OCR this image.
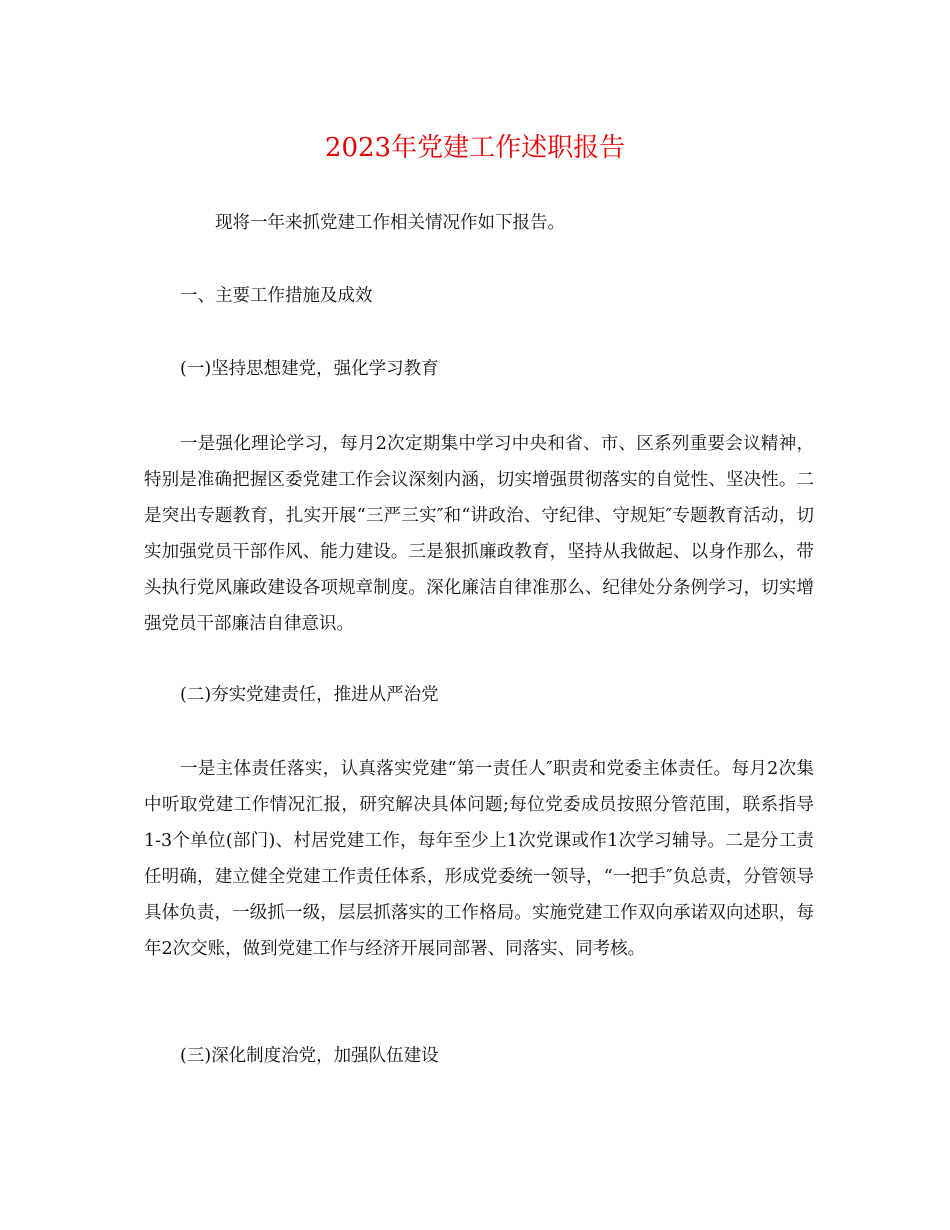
2023年党建工作述职报告
现将一年来抓党建工作相关情况作如下报告。
一、主要工作措施及成效
(一)坚持思想建党，强化学习教育
一是强化理论学习，每月2次定期集中学习中央和省、市、区系列重要会议精神，特别是准确把握区委党建工作会议深刻内涵，切实增强贯彻落实的自觉性、坚决性。二是突出专题教育，扎实开展“三严三实″和“讲政治、守纪律、守规矩″专题教育活动，切实加强党员干部作风、能力建设。三是狠抓廉政教育，坚持从我做起、以身作那么，带头执行党风廉政建设各项规章制度。深化廉洁自律准那么、纪律处分条例学习，切实增强党员干部廉洁自律意识。
(二)夯实党建责任，推进从严治党
一是主体责任落实，认真落实党建“第一责任人″职责和党委主体责任。每月2次集中听取党建工作情况汇报，研究解决具体问题;每位党委成员按照分管范围，联系指导1-3个单位(部门)、村居党建工作，每年至少上1次党课或作1次学习辅导。二是分工责任明确，建立健全党建工作责任体系，形成党委统一领导，“一把手″负总责，分管领导具体负责，一级抓一级，层层抓落实的工作格局。实施党建工作双向承诺双向述职，每年2次交账，做到党建工作与经济开展同部署、同落实、同考核。
(三)深化制度治党，加强队伍建设
